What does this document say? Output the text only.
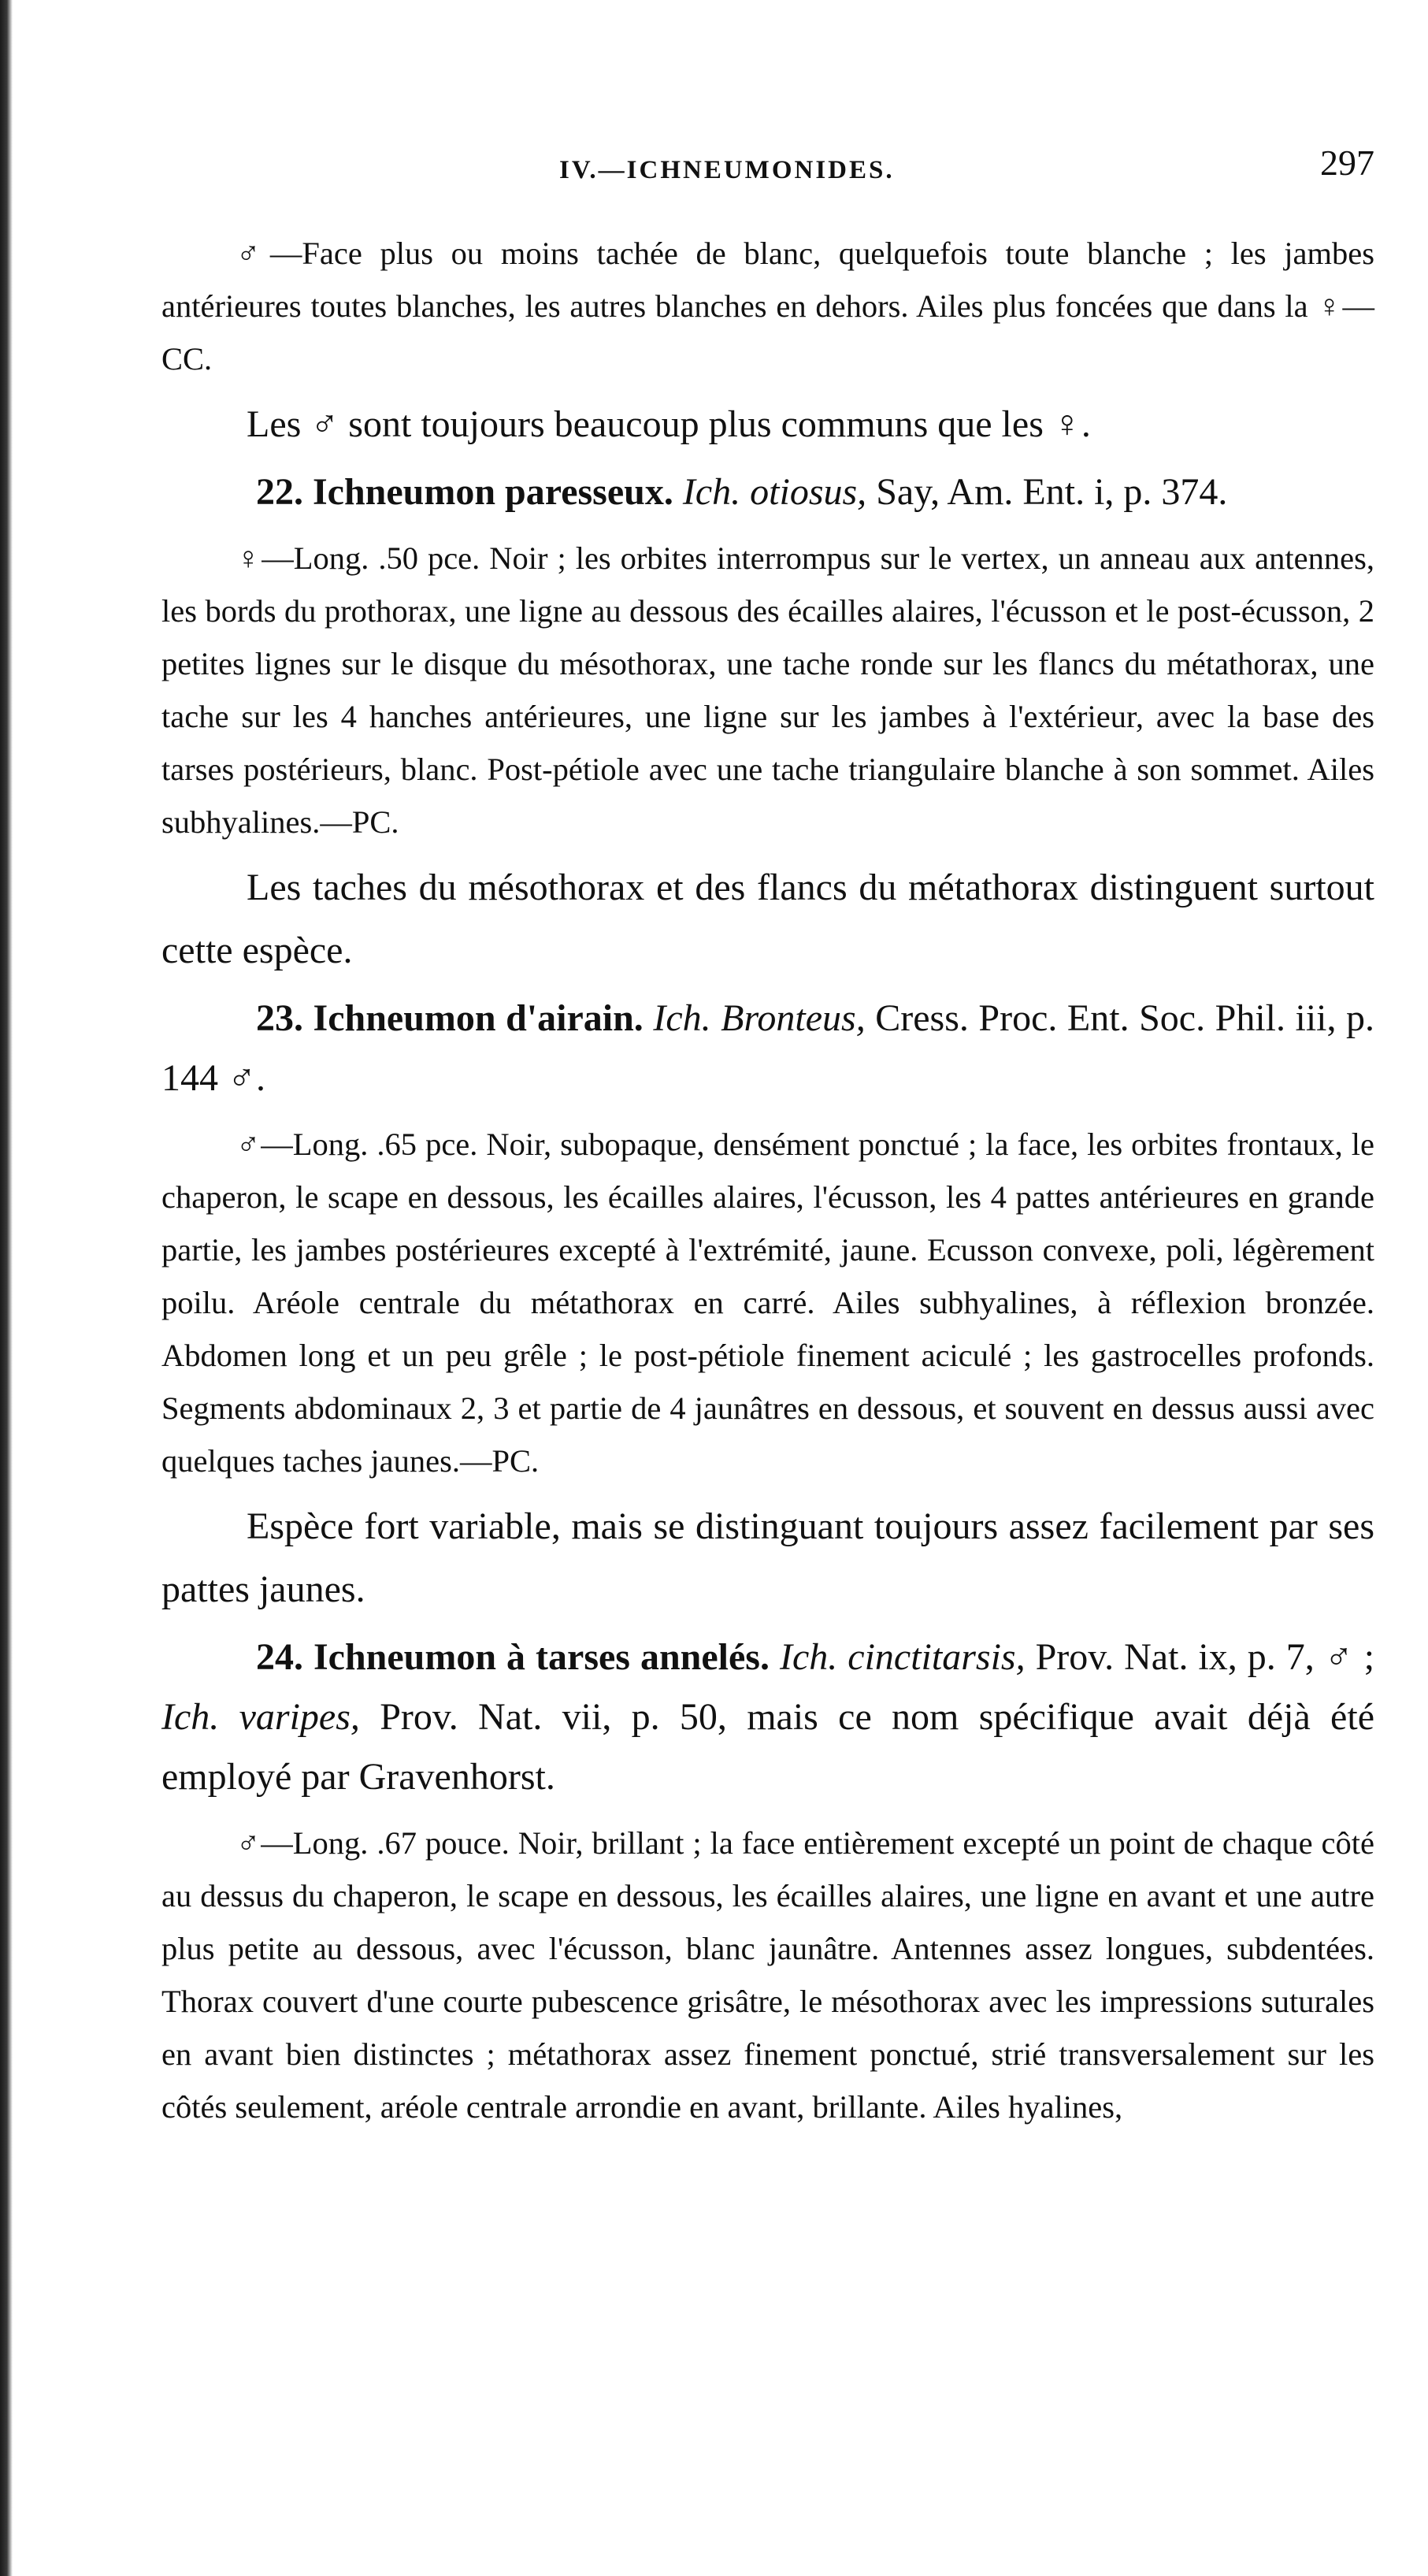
IV.—ICHNEUMONIDES.	297

♂—Face plus ou moins tachée de blanc, quelquefois toute blanche ; les jambes antérieures toutes blanches, les autres blanches en dehors. Ailes plus foncées que dans la ♀—CC.

Les ♂ sont toujours beaucoup plus communs que les ♀.

22. Ichneumon paresseux. Ich. otiosus, Say, Am. Ent. i, p. 374.

♀—Long. .50 pce. Noir ; les orbites interrompus sur le vertex, un anneau aux antennes, les bords du prothorax, une ligne au dessous des écailles alaires, l'écusson et le post-écusson, 2 petites lignes sur le disque du mésothorax, une tache ronde sur les flancs du métathorax, une tache sur les 4 hanches antérieures, une ligne sur les jambes à l'extérieur, avec la base des tarses postérieurs, blanc. Post-pétiole avec une tache triangulaire blanche à son sommet. Ailes subhyalines.—PC.

Les taches du mésothorax et des flancs du métathorax distinguent surtout cette espèce.

23. Ichneumon d'airain. Ich. Bronteus, Cress. Proc. Ent. Soc. Phil. iii, p. 144 ♂.

♂—Long. .65 pce. Noir, subopaque, densément ponctué ; la face, les orbites frontaux, le chaperon, le scape en dessous, les écailles alaires, l'écusson, les 4 pattes antérieures en grande partie, les jambes postérieures excepté à l'extrémité, jaune. Ecusson convexe, poli, légèrement poilu. Aréole centrale du métathorax en carré. Ailes subhyalines, à réflexion bronzée. Abdomen long et un peu grêle ; le post-pétiole finement aciculé ; les gastrocelles profonds. Segments abdominaux 2, 3 et partie de 4 jaunâtres en dessous, et souvent en dessus aussi avec quelques taches jaunes.—PC.

Espèce fort variable, mais se distinguant toujours assez facilement par ses pattes jaunes.

24. Ichneumon à tarses annelés. Ich. cinctitarsis, Prov. Nat. ix, p. 7, ♂ ; Ich. varipes, Prov. Nat. vii, p. 50, mais ce nom spécifique avait déjà été employé par Gravenhorst.

♂—Long. .67 pouce. Noir, brillant ; la face entièrement excepté un point de chaque côté au dessus du chaperon, le scape en dessous, les écailles alaires, une ligne en avant et une autre plus petite au dessous, avec l'écusson, blanc jaunâtre. Antennes assez longues, subdentées. Thorax couvert d'une courte pubescence grisâtre, le mésothorax avec les impressions suturales en avant bien distinctes ; métathorax assez finement ponctué, strié transversalement sur les côtés seulement, aréole centrale arrondie en avant, brillante. Ailes hyalines,
